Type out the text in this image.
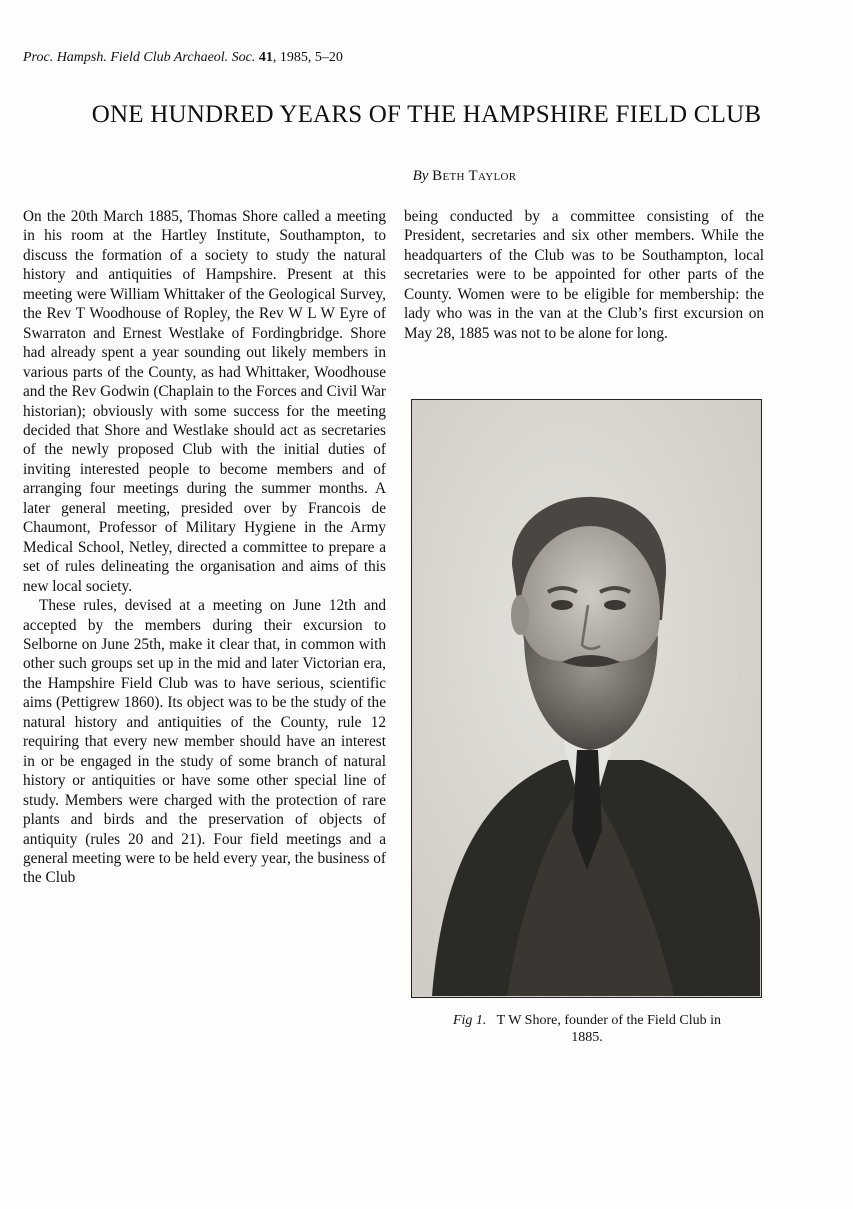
Proc. Hampsh. Field Club Archaeol. Soc. 41, 1985, 5–20
ONE HUNDRED YEARS OF THE HAMPSHIRE FIELD CLUB
By Beth Taylor

On the 20th March 1885, Thomas Shore called a meeting in his room at the Hartley Institute, Southampton, to discuss the formation of a society to study the natural history and antiquities of Hampshire. Present at this meeting were William Whittaker of the Geological Survey, the Rev T Woodhouse of Ropley, the Rev W L W Eyre of Swarraton and Ernest Westlake of Fordingbridge. Shore had already spent a year sounding out likely members in various parts of the County, as had Whittaker, Woodhouse and the Rev Godwin (Chaplain to the Forces and Civil War historian); obviously with some success for the meeting decided that Shore and Westlake should act as secretaries of the newly proposed Club with the initial duties of inviting interested people to become members and of arranging four meetings during the summer months. A later general meeting, presided over by Francois de Chaumont, Professor of Military Hygiene in the Army Medical School, Netley, directed a committee to prepare a set of rules delineating the organisation and aims of this new local society.

These rules, devised at a meeting on June 12th and accepted by the members during their excursion to Selborne on June 25th, make it clear that, in common with other such groups set up in the mid and later Victorian era, the Hampshire Field Club was to have serious, scientific aims (Pettigrew 1860). Its object was to be the study of the natural history and antiquities of the County, rule 12 requiring that every new member should have an interest in or be engaged in the study of some branch of natural history or antiquities or have some other special line of study. Members were charged with the protection of rare plants and birds and the preservation of objects of antiquity (rules 20 and 21). Four field meetings and a general meeting were to be held every year, the business of the Club

being conducted by a committee consisting of the President, secretaries and six other members. While the headquarters of the Club was to be Southampton, local secretaries were to be appointed for other parts of the County. Women were to be eligible for membership: the lady who was in the van at the Club’s first excursion on May 28, 1885 was not to be alone for long.

Fig 1. T W Shore, founder of the Field Club in
1885.
